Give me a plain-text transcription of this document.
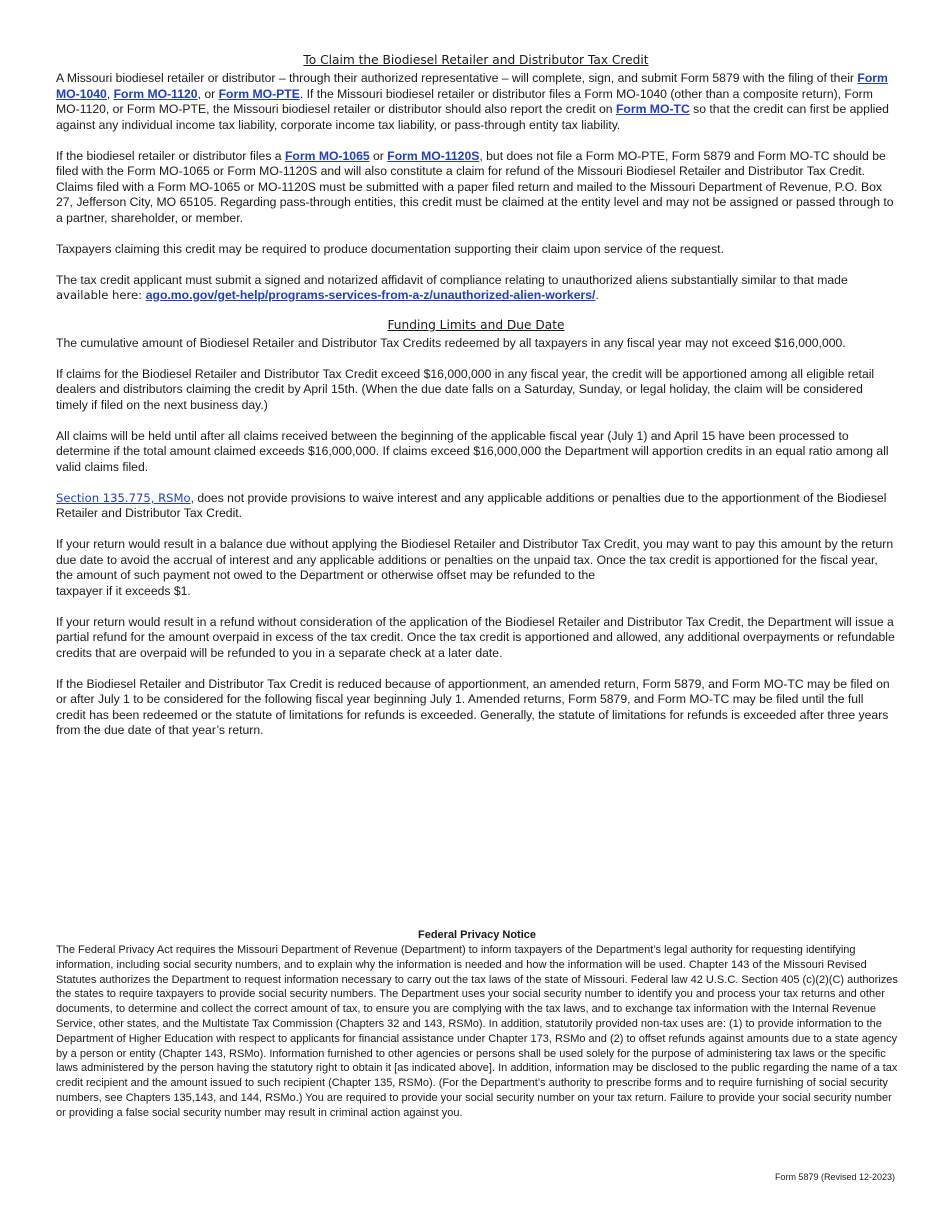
To Claim the Biodiesel Retailer and Distributor Tax Credit

A Missouri biodiesel retailer or distributor – through their authorized representative – will complete, sign, and submit Form 5879 with the filing of their Form MO-1040, Form MO-1120, or Form MO-PTE. If the Missouri biodiesel retailer or distributor files a Form MO-1040 (other than a composite return), Form MO-1120, or Form MO-PTE, the Missouri biodiesel retailer or distributor should also report the credit on Form MO-TC so that the credit can first be applied against any individual income tax liability, corporate income tax liability, or pass-through entity tax liability.

If the biodiesel retailer or distributor files a Form MO-1065 or Form MO-1120S, but does not file a Form MO-PTE, Form 5879 and Form MO-TC should be filed with the Form MO-1065 or Form MO-1120S and will also constitute a claim for refund of the Missouri Biodiesel Retailer and Distributor Tax Credit. Claims filed with a Form MO-1065 or MO-1120S must be submitted with a paper filed return and mailed to the Missouri Department of Revenue, P.O. Box 27, Jefferson City, MO 65105. Regarding pass-through entities, this credit must be claimed at the entity level and may not be assigned or passed through to a partner, shareholder, or member.

Taxpayers claiming this credit may be required to produce documentation supporting their claim upon service of the request.

The tax credit applicant must submit a signed and notarized affidavit of compliance relating to unauthorized aliens substantially similar to that made available here: ago.mo.gov/get-help/programs-services-from-a-z/unauthorized-alien-workers/.

Funding Limits and Due Date

The cumulative amount of Biodiesel Retailer and Distributor Tax Credits redeemed by all taxpayers in any fiscal year may not exceed $16,000,000.

If claims for the Biodiesel Retailer and Distributor Tax Credit exceed $16,000,000 in any fiscal year, the credit will be apportioned among all eligible retail dealers and distributors claiming the credit by April 15th. (When the due date falls on a Saturday, Sunday, or legal holiday, the claim will be considered timely if filed on the next business day.)

All claims will be held until after all claims received between the beginning of the applicable fiscal year (July 1) and April 15 have been processed to determine if the total amount claimed exceeds $16,000,000. If claims exceed $16,000,000 the Department will apportion credits in an equal ratio among all valid claims filed.

Section 135.775, RSMo, does not provide provisions to waive interest and any applicable additions or penalties due to the apportionment of the Biodiesel Retailer and Distributor Tax Credit.

If your return would result in a balance due without applying the Biodiesel Retailer and Distributor Tax Credit, you may want to pay this amount by the return due date to avoid the accrual of interest and any applicable additions or penalties on the unpaid tax. Once the tax credit is apportioned for the fiscal year, the amount of such payment not owed to the Department or otherwise offset may be refunded to the
taxpayer if it exceeds $1.

If your return would result in a refund without consideration of the application of the Biodiesel Retailer and Distributor Tax Credit, the Department will issue a partial refund for the amount overpaid in excess of the tax credit. Once the tax credit is apportioned and allowed, any additional overpayments or refundable credits that are overpaid will be refunded to you in a separate check at a later date.

If the Biodiesel Retailer and Distributor Tax Credit is reduced because of apportionment, an amended return, Form 5879, and Form MO-TC may be filed on or after July 1 to be considered for the following fiscal year beginning July 1. Amended returns, Form 5879, and Form MO-TC may be filed until the full credit has been redeemed or the statute of limitations for refunds is exceeded. Generally, the statute of limitations for refunds is exceeded after three years from the due date of that year’s return.

Federal Privacy Notice

The Federal Privacy Act requires the Missouri Department of Revenue (Department) to inform taxpayers of the Department’s legal authority for requesting identifying information, including social security numbers, and to explain why the information is needed and how the information will be used. Chapter 143 of the Missouri Revised Statutes authorizes the Department to request information necessary to carry out the tax laws of the state of Missouri. Federal law 42 U.S.C. Section 405 (c)(2)(C) authorizes the states to require taxpayers to provide social security numbers. The Department uses your social security number to identify you and process your tax returns and other documents, to determine and collect the correct amount of tax, to ensure you are complying with the tax laws, and to exchange tax information with the Internal Revenue Service, other states, and the Multistate Tax Commission (Chapters 32 and 143, RSMo). In addition, statutorily provided non-tax uses are: (1) to provide information to the Department of Higher Education with respect to applicants for financial assistance under Chapter 173, RSMo and (2) to offset refunds against amounts due to a state agency by a person or entity (Chapter 143, RSMo). Information furnished to other agencies or persons shall be used solely for the purpose of administering tax laws or the specific laws administered by the person having the statutory right to obtain it [as indicated above]. In addition, information may be disclosed to the public regarding the name of a tax credit recipient and the amount issued to such recipient (Chapter 135, RSMo). (For the Department’s authority to prescribe forms and to require furnishing of social security numbers, see Chapters 135,143, and 144, RSMo.) You are required to provide your social security number on your tax return. Failure to provide your social security number or providing a false social security number may result in criminal action against you.

Form 5879 (Revised 12-2023)
